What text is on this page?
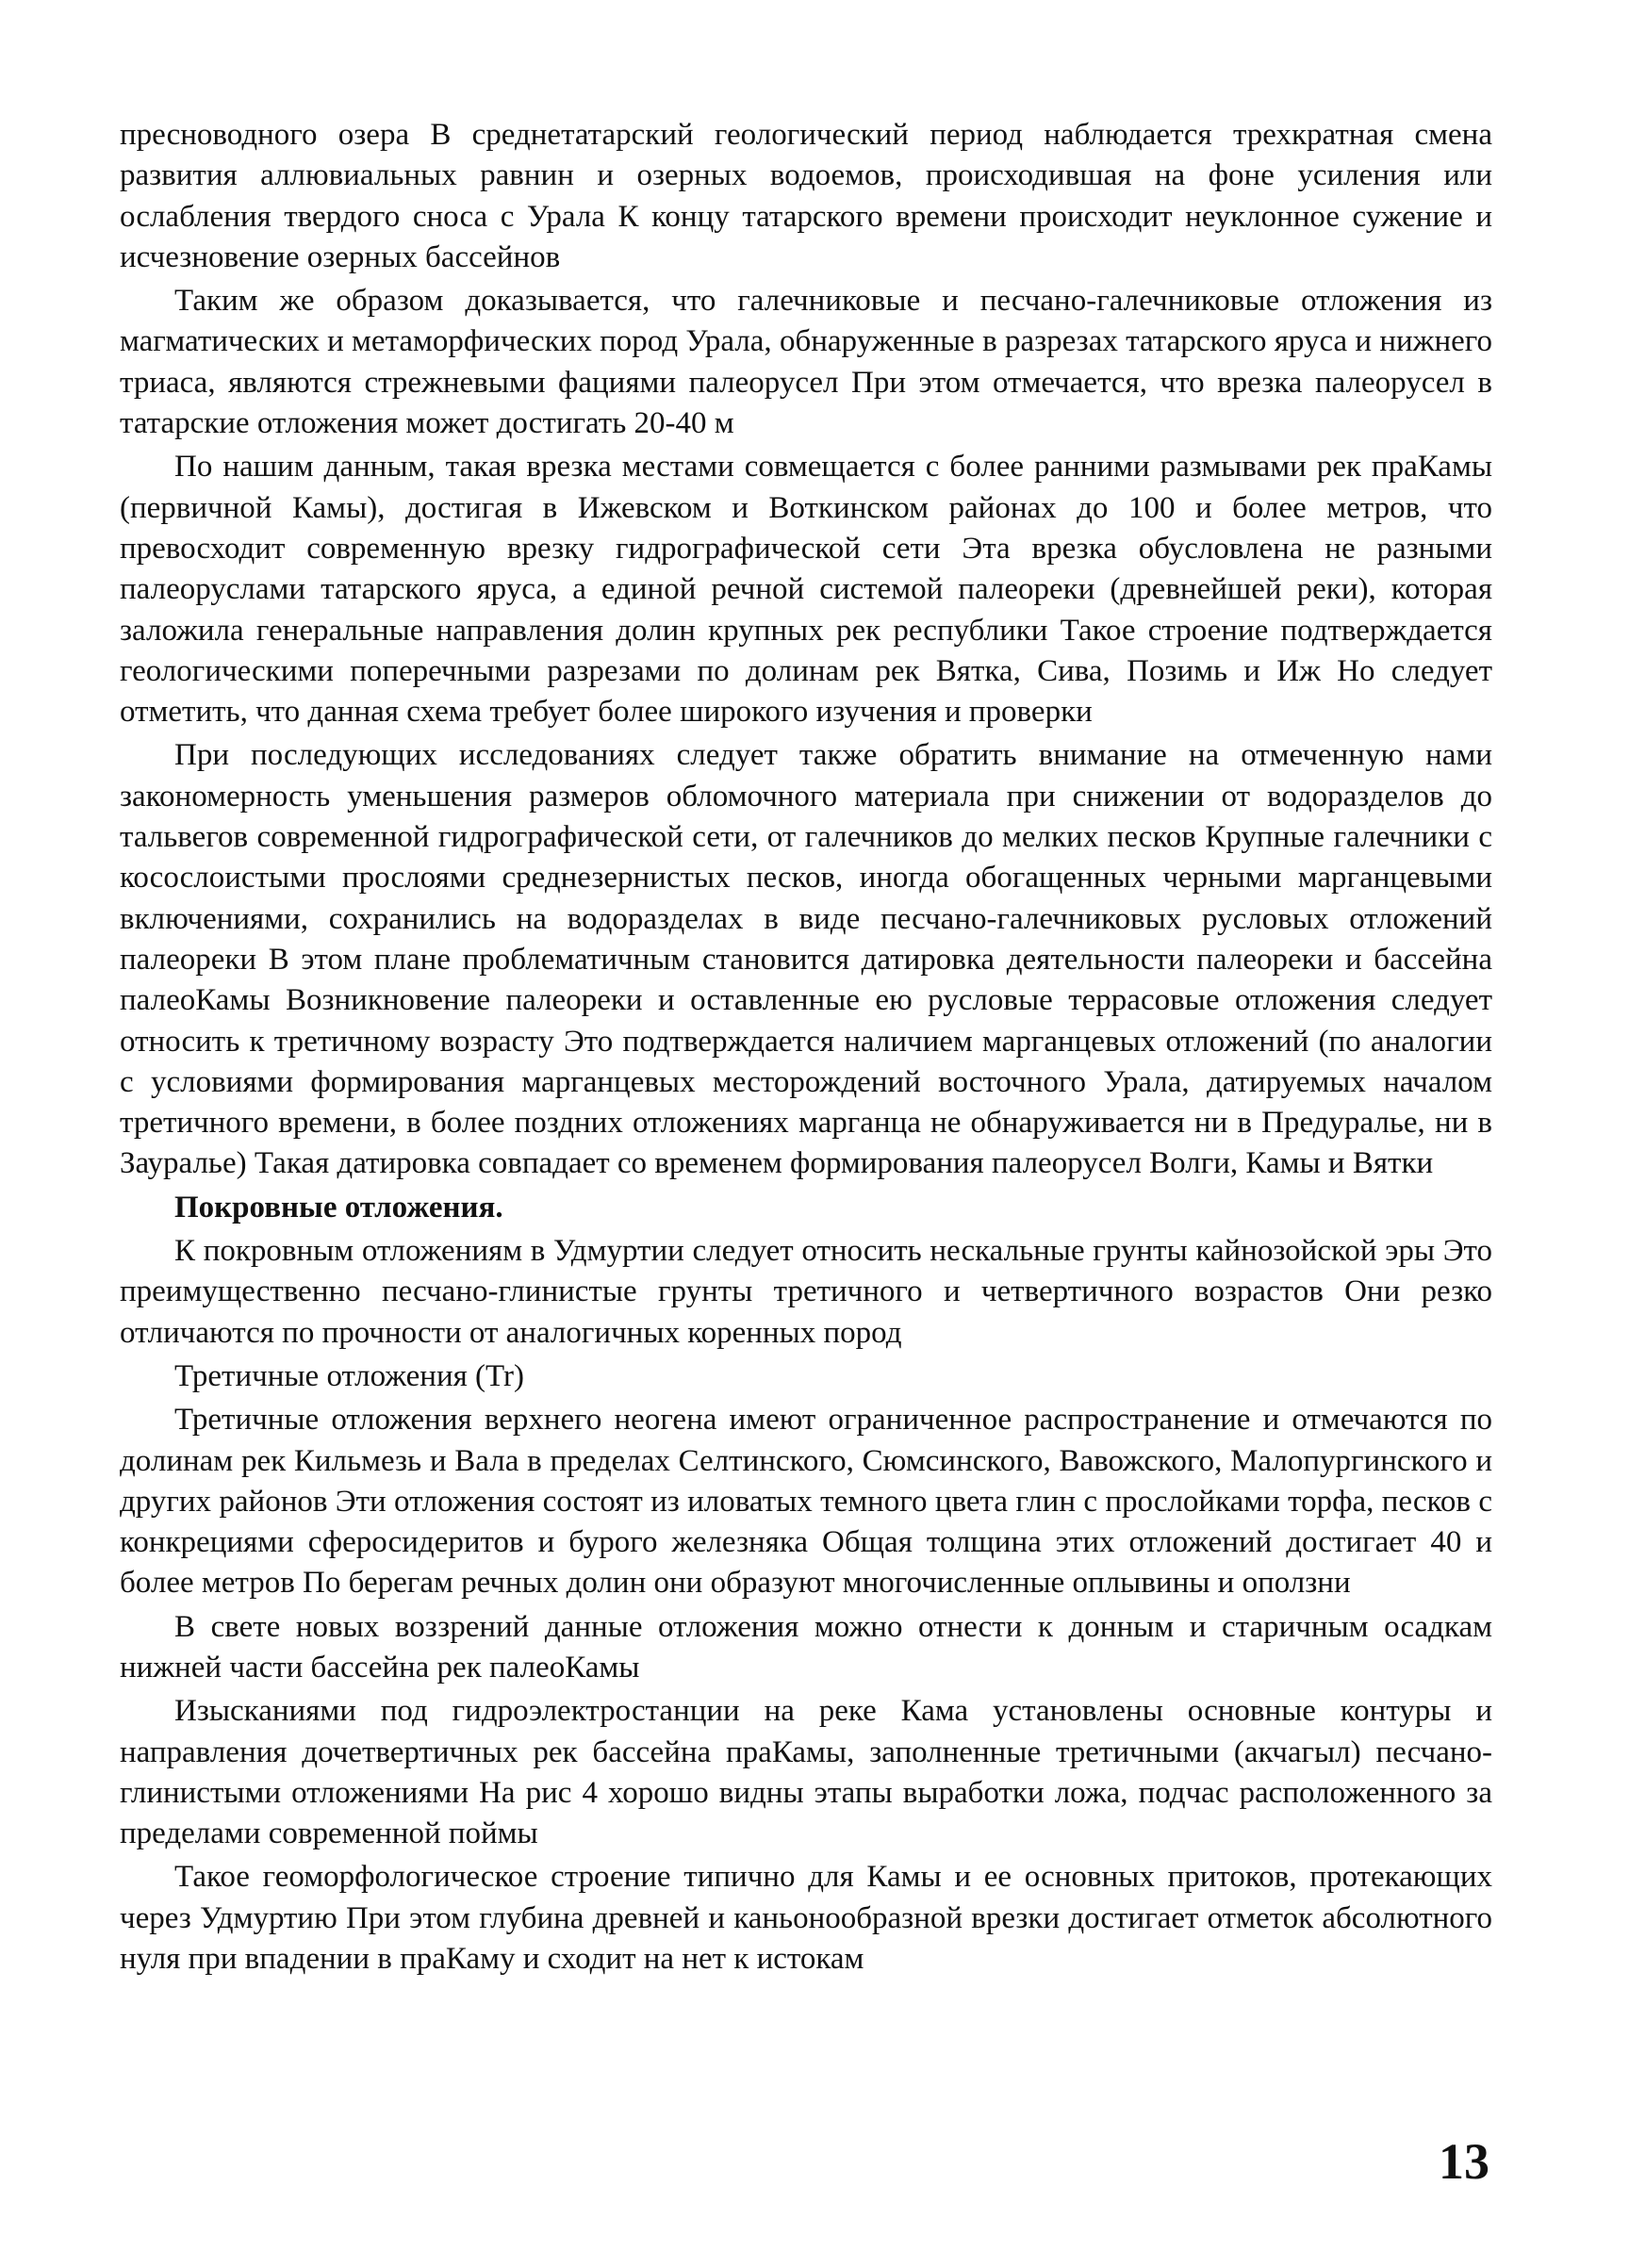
пресноводного озера В среднетатарский геологический период наблюдается трехкратная смена развития аллювиальных равнин и озерных водоемов, происходившая на фоне усиления или ослабления твердого сноса с Урала К концу татарского времени происходит неуклонное сужение и исчезновение озерных бассейнов

Таким же образом доказывается, что галечниковые и песчано-галечниковые отложения из магматических и метаморфических пород Урала, обнаруженные в разрезах татарского яруса и нижнего триаса, являются стрежневыми фациями палеорусел При этом отмечается, что врезка палеорусел в татарские отложения может достигать 20-40 м

По нашим данным, такая врезка местами совмещается с более ранними размывами рек праКамы (первичной Камы), достигая в Ижевском и Воткинском районах до 100 и более метров, что превосходит современную врезку гидрографической сети Эта врезка обусловлена не разными палеоруслами татарского яруса, а единой речной системой палеореки (древнейшей реки), которая заложила генеральные направления долин крупных рек республики Такое строение подтверждается геологическими поперечными разрезами по долинам рек Вятка, Сива, Позимь и Иж Но следует отметить, что данная схема требует более широкого изучения и проверки

При последующих исследованиях следует также обратить внимание на отмеченную нами закономерность уменьшения размеров обломочного материала при снижении от водоразделов до тальвегов современной гидрографической сети, от галечников до мелких песков Крупные галечники с косослоистыми прослоями среднезернистых песков, иногда обогащенных черными марганцевыми включениями, сохранились на водоразделах в виде песчано-галечниковых русловых отложений палеореки В этом плане проблематичным становится датировка деятельности палеореки и бассейна палеоКамы Возникновение палеореки и оставленные ею русловые террасовые отложения следует относить к третичному возрасту Это подтверждается наличием марганцевых отложений (по аналогии с условиями формирования марганцевых месторождений восточного Урала, датируемых началом третичного времени, в более поздних отложениях марганца не обнаруживается ни в Предуралье, ни в Зауралье) Такая датировка совпадает со временем формирования палеорусел Волги, Камы и Вятки

Покровные отложения.

К покровным отложениям в Удмуртии следует относить нескальные грунты кайнозойской эры Это преимущественно песчано-глинистые грунты третичного и четвертичного возрастов Они резко отличаются по прочности от аналогичных коренных пород

Третичные отложения (Tr)

Третичные отложения верхнего неогена имеют ограниченное распространение и отмечаются по долинам рек Кильмезь и Вала в пределах Селтинского, Сюмсинского, Вавожского, Малопургинского и других районов Эти отложения состоят из иловатых темного цвета глин с прослойками торфа, песков с конкрециями сферосидеритов и бурого железняка Общая толщина этих отложений достигает 40 и более метров По берегам речных долин они образуют многочисленные оплывины и оползни

В свете новых воззрений данные отложения можно отнести к донным и старичным осадкам нижней части бассейна рек палеоКамы

Изысканиями под гидроэлектростанции на реке Кама установлены основные контуры и направления дочетвертичных рек бассейна праКамы, заполненные третичными (акчагыл) песчано-глинистыми отложениями На рис 4 хорошо видны этапы выработки ложа, подчас расположенного за пределами современной поймы

Такое геоморфологическое строение типично для Камы и ее основных притоков, протекающих через Удмуртию При этом глубина древней и каньонообразной врезки достигает отметок абсолютного нуля при впадении в праКаму и сходит на нет к истокам

13
